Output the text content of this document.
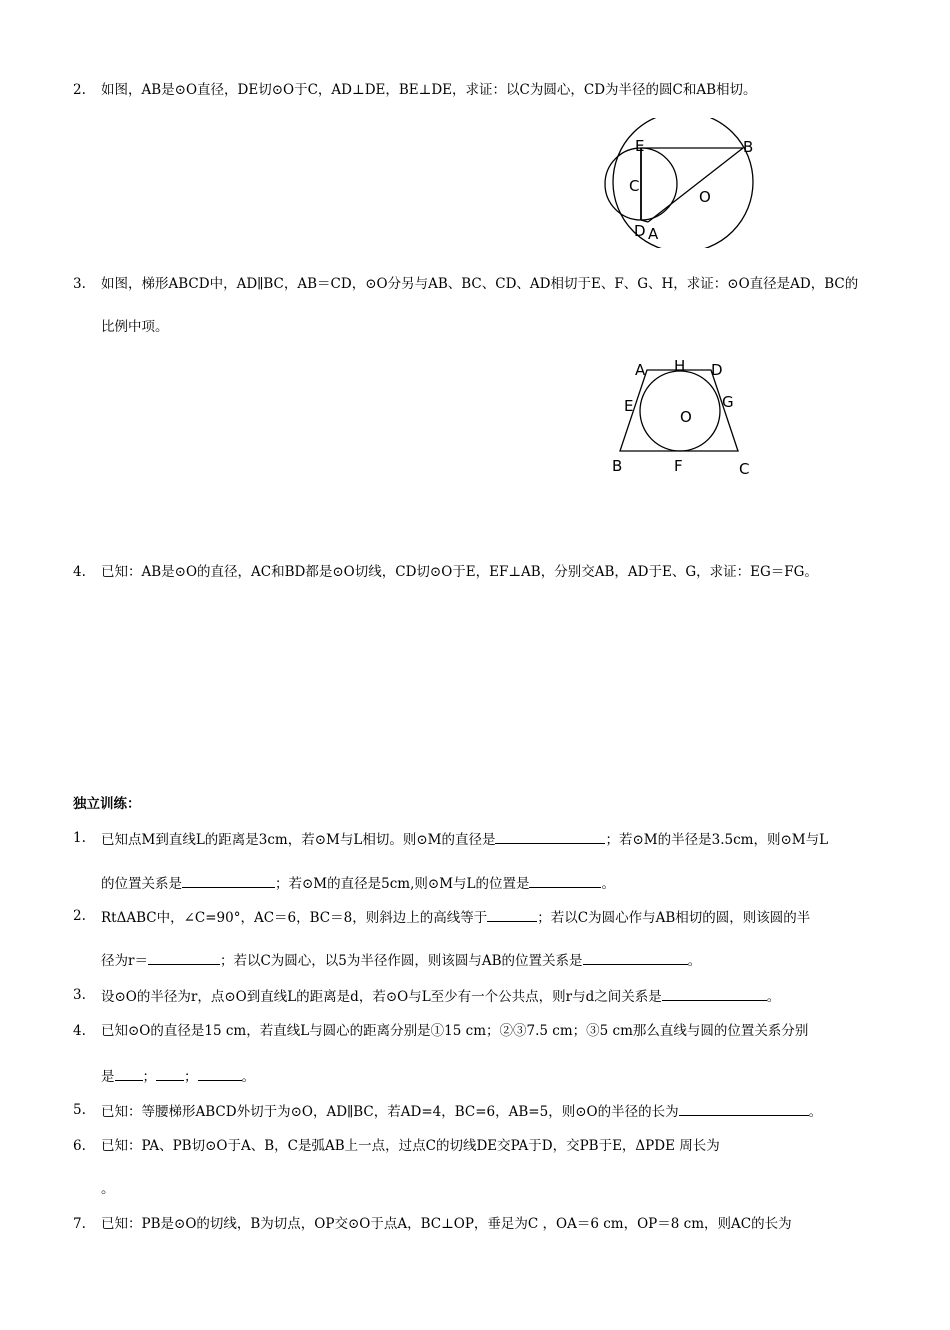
2. 如图，AB是⊙O直径，DE切⊙O于C，AD⊥DE，BE⊥DE，求证：以C为圆心，CD为半径的圆C和AB相切。
E	B
C
O
D A
3. 如图，梯形ABCD中，AD∥BC，AB＝CD，⊙O分另与AB、BC、CD、AD相切于E、F、G、H，求证：⊙O直径是AD，BC的
比例中项。
A H D
E	G
O
B	F	C
4. 已知：AB是⊙O的直径，AC和BD都是⊙O切线，CD切⊙O于E，EF⊥AB，分别交AB，AD于E、G，求证：EG＝FG。
独立训练：
1. 已知点M到直线L的距离是3cm，若⊙M与L相切。则⊙M的直径是	；若⊙M的半径是3.5cm，则⊙M与L
的位置关系是	；若⊙M的直径是5cm,则⊙M与L的位置是	。
2. RtΔABC中，∠C=90°，AC＝6，BC＝8，则斜边上的高线等于	；若以C为圆心作与AB相切的圆，则该圆的半
径为r＝	；若以C为圆心，以5为半径作圆，则该圆与AB的位置关系是	。
3. 设⊙O的半径为r，点⊙O到直线L的距离是d，若⊙O与L至少有一个公共点，则r与d之间关系是	。
4. 已知⊙O的直径是15 cm，若直线L与圆心的距离分别是①15 cm；②③7.5 cm；③5 cm那么直线与圆的位置关系分别
是 ； ；	。
5. 已知：等腰梯形ABCD外切于为⊙O，AD∥BC，若AD=4，BC=6，AB=5，则⊙O的半径的长为	。
6. 已知：PA、PB切⊙O于A、B，C是弧AB上一点，过点C的切线DE交PA于D，交PB于E，ΔPDE 周长为
。
7. 已知：PB是⊙O的切线，B为切点，OP交⊙O于点A，BC⊥OP，垂足为C ，OA＝6 cm，OP＝8 cm，则AC的长为
